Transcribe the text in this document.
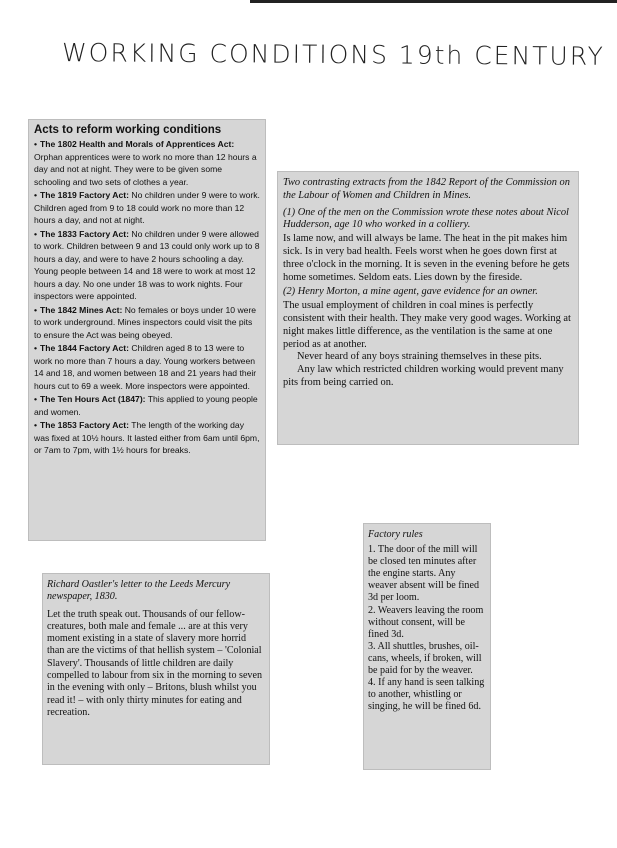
WORKING CONDITIONS 19th CENTURY
Acts to reform working conditions

• The 1802 Health and Morals of Apprentices Act: Orphan apprentices were to work no more than 12 hours a day and not at night. They were to be given some schooling and two sets of clothes a year.

• The 1819 Factory Act: No children under 9 were to work. Children aged from 9 to 18 could work no more than 12 hours a day, and not at night.

• The 1833 Factory Act: No children under 9 were allowed to work. Children between 9 and 13 could only work up to 8 hours a day, and were to have 2 hours schooling a day. Young people between 14 and 18 were to work at most 12 hours a day. No one under 18 was to work nights. Four inspectors were appointed.

• The 1842 Mines Act: No females or boys under 10 were to work underground. Mines inspectors could visit the pits to ensure the Act was being obeyed.

• The 1844 Factory Act: Children aged 8 to 13 were to work no more than 7 hours a day. Young workers between 14 and 18, and women between 18 and 21 years had their hours cut to 69 a week. More inspectors were appointed.

• The Ten Hours Act (1847): This applied to young people and women.

• The 1853 Factory Act: The length of the working day was fixed at 10½ hours. It lasted either from 6am until 6pm, or 7am to 7pm, with 1½ hours for breaks.

Two contrasting extracts from the 1842 Report of the Commission on the Labour of Women and Children in Mines.

(1) One of the men on the Commission wrote these notes about Nicol Hudderson, age 10 who worked in a colliery.

Is lame now, and will always be lame. The heat in the pit makes him sick. Is in very bad health. Feels worst when he goes down first at three o'clock in the morning. It is seven in the evening before he gets home sometimes. Seldom eats. Lies down by the fireside.

(2) Henry Morton, a mine agent, gave evidence for an owner.

The usual employment of children in coal mines is perfectly consistent with their health. They make very good wages. Working at night makes little difference, as the ventilation is the same at one period as at another.

Never heard of any boys straining themselves in these pits.

Any law which restricted children working would prevent many pits from being carried on.

Richard Oastler's letter to the Leeds Mercury newspaper, 1830.

Let the truth speak out. Thousands of our fellow-creatures, both male and female ... are at this very moment existing in a state of slavery more horrid than are the victims of that hellish system – 'Colonial Slavery'. Thousands of little children are daily compelled to labour from six in the morning to seven in the evening with only – Britons, blush whilst you read it! – with only thirty minutes for eating and recreation.

Factory rules

1. The door of the mill will be closed ten minutes after the engine starts. Any weaver absent will be fined 3d per loom.

2. Weavers leaving the room without consent, will be fined 3d.

3. All shuttles, brushes, oil-cans, wheels, if broken, will be paid for by the weaver.

4. If any hand is seen talking to another, whistling or singing, he will be fined 6d.
